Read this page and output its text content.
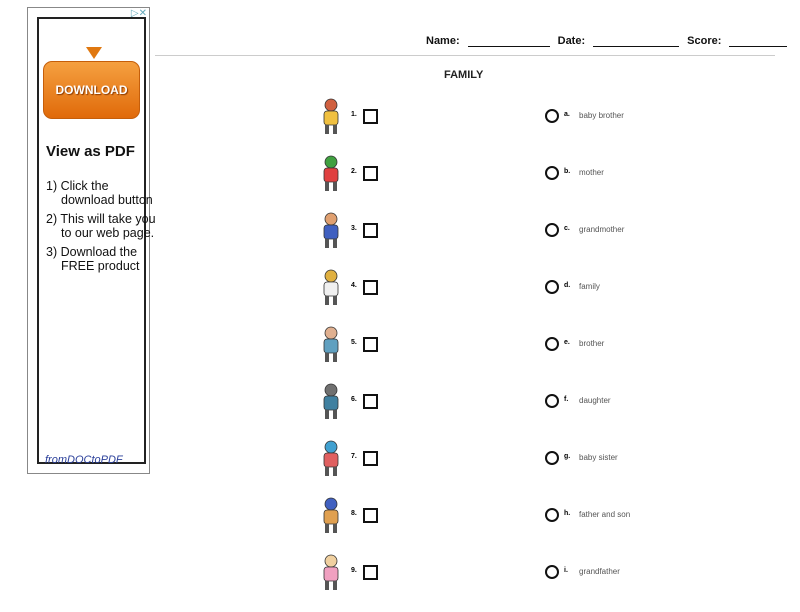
▷✕
DOWNLOAD
View as PDF
1) Click the download button
2) This will take you to our web page.
3) Download the FREE product
fromDOCtoPDF
Name:	Date:	Score:
FAMILY
1.	a. baby brother
2.	b. mother
3.	c. grandmother
4.	d. family
5.	e. brother
6.	f. daughter
7.	g. baby sister
8.	h. father and son
9.	i. grandfather
